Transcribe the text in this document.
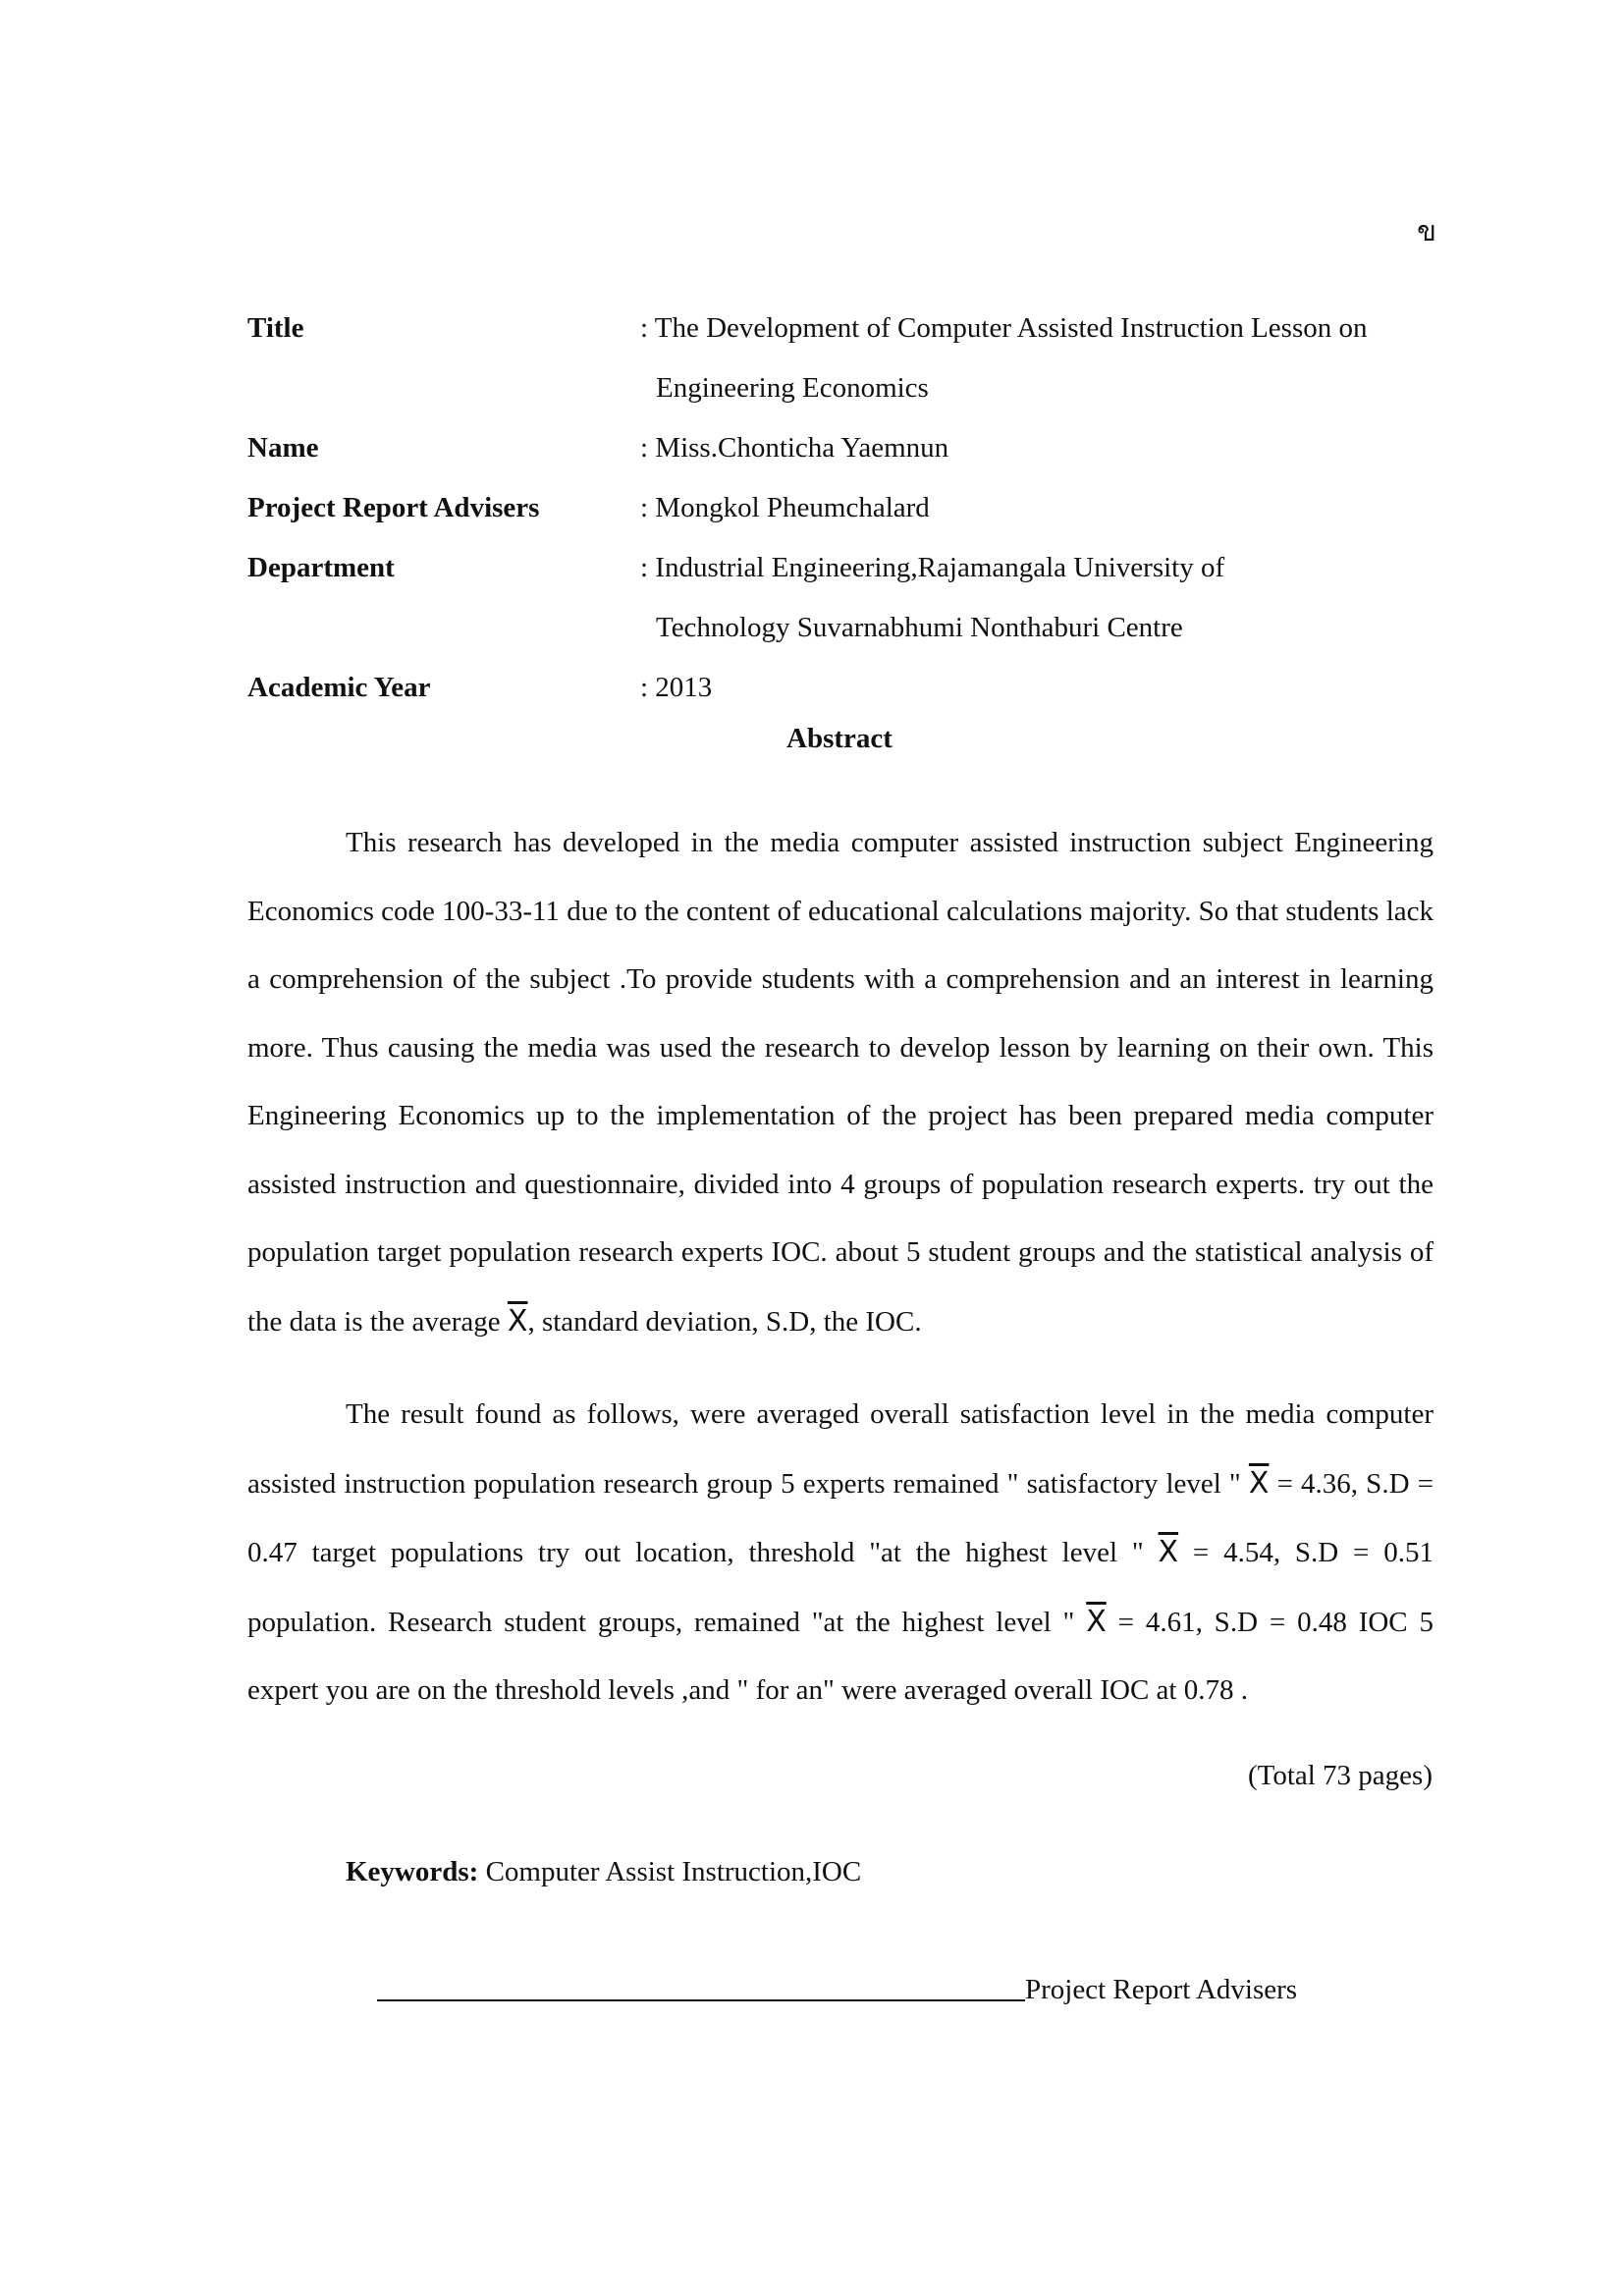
ข
Title	: The Development of Computer Assisted Instruction Lesson on
Engineering Economics
Name	: Miss.Chonticha Yaemnun
Project Report Advisers	: Mongkol Pheumchalard
Department	: Industrial Engineering,Rajamangala University of
Technology Suvarnabhumi Nonthaburi Centre
Academic Year	: 2013
Abstract

This research has developed in the media computer assisted instruction subject Engineering Economics code 100-33-11 due to the content of educational calculations majority. So that students lack a comprehension of the subject .To provide students with a comprehension and an interest in learning more. Thus causing the media was used the research to develop lesson by learning on their own. This Engineering Economics up to the implementation of the project has been prepared media computer assisted instruction and questionnaire, divided into 4 groups of population research experts. try out the population target population research experts IOC. about 5 student groups and the statistical analysis of the data is the average $\overline{X}$, standard deviation, S.D, the IOC.

The result found as follows, were averaged overall satisfaction level in the media computer assisted instruction population research group 5 experts remained " satisfactory level " $\overline{X} = 4.36$, S.D = 0.47 target populations try out location, threshold "at the highest level " $\overline{X} = 4.54$, S.D = 0.51 population. Research student groups, remained "at the highest level " $\overline{X} = 4.61$, S.D = 0.48 IOC 5 expert you are on the threshold levels ,and " for an" were averaged overall IOC at 0.78 .

(Total 73 pages)
Keywords: Computer Assist Instruction,IOC
Project Report Advisers
